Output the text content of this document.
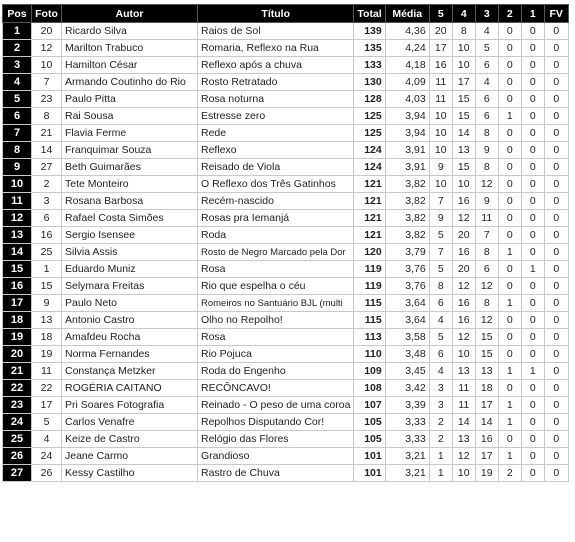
Pos	Foto	Autor	Título	Total	Média	5	4	3	2	1	FV
1	20	Ricardo Silva	Raios de Sol	139	4,36	20	8	4	0	0	0
2	12	Marilton Trabuco	Romaria, Reflexo na Rua	135	4,24	17	10	5	0	0	0
3	10	Hamilton César	Reflexo após a chuva	133	4,18	16	10	6	0	0	0
4	7	Armando Coutinho do Rio	Rosto Retratado	130	4,09	11	17	4	0	0	0
5	23	Paulo Pitta	Rosa noturna	128	4,03	11	15	6	0	0	0
6	8	Rai Sousa	Estresse zero	125	3,94	10	15	6	1	0	0
7	21	Flavia Ferme	Rede	125	3,94	10	14	8	0	0	0
8	14	Franquimar Souza	Reflexo	124	3,91	10	13	9	0	0	0
9	27	Beth Guimarães	Reisado de Viola	124	3,91	9	15	8	0	0	0
10	2	Tete Monteiro	O Reflexo dos Três Gatinhos	121	3,82	10	10	12	0	0	0
11	3	Rosana Barbosa	Recém-nascido	121	3,82	7	16	9	0	0	0
12	6	Rafael Costa Simões	Rosas pra Iemanjá	121	3,82	9	12	11	0	0	0
13	16	Sergio Isensee	Roda	121	3,82	5	20	7	0	0	0
14	25	Silvia Assis	Rosto de Negro Marcado pela Dor	120	3,79	7	16	8	1	0	0
15	1	Eduardo Muniz	Rosa	119	3,76	5	20	6	0	1	0
16	15	Selymara Freitas	Rio que espelha o céu	119	3,76	8	12	12	0	0	0
17	9	Paulo Neto	Romeiros no Santuário BJL (multi	115	3,64	6	16	8	1	0	0
18	13	Antonio Castro	Olho no Repolho!	115	3,64	4	16	12	0	0	0
19	18	Amafdeu Rocha	Rosa	113	3,58	5	12	15	0	0	0
20	19	Norma Fernandes	Rio Pojuca	110	3,48	6	10	15	0	0	0
21	11	Constança Metzker	Roda do Engenho	109	3,45	4	13	13	1	1	0
22	22	ROGÉRIA CAITANO	RECÔNCAVO!	108	3,42	3	11	18	0	0	0
23	17	Pri Soares Fotografia	Reinado - O peso de uma coroa	107	3,39	3	11	17	1	0	0
24	5	Carlos Venafre	Repolhos Disputando Cor!	105	3,33	2	14	14	1	0	0
25	4	Keize de Castro	Relógio das Flores	105	3,33	2	13	16	0	0	0
26	24	Jeane Carmo	Grandioso	101	3,21	1	12	17	1	0	0
27	26	Kessy Castilho	Rastro de Chuva	101	3,21	1	10	19	2	0	0
